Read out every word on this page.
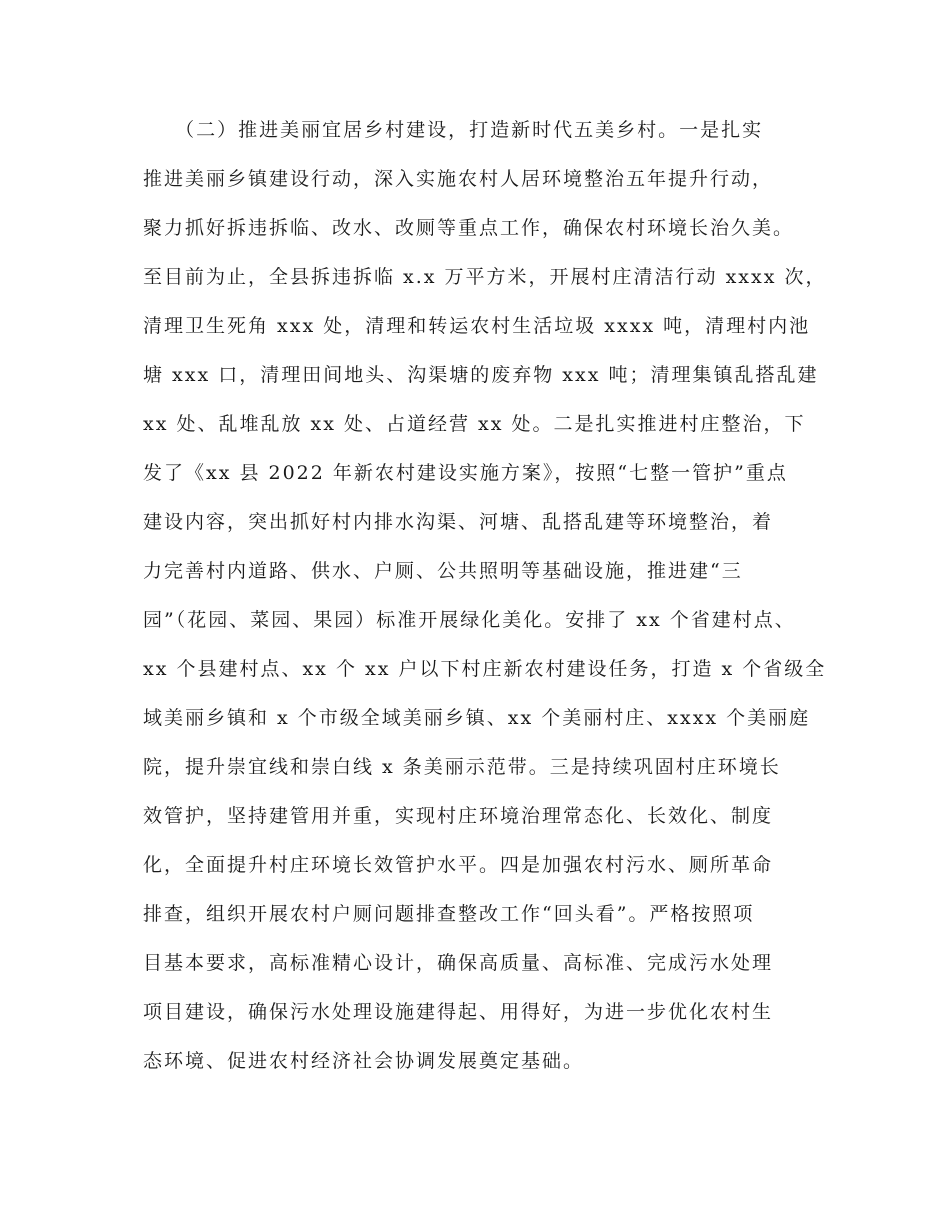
（二）推进美丽宜居乡村建设，打造新时代五美乡村。一是扎实
推进美丽乡镇建设行动，深入实施农村人居环境整治五年提升行动，
聚力抓好拆违拆临、改水、改厕等重点工作，确保农村环境长治久美。
至目前为止，全县拆违拆临 x.x 万平方米，开展村庄清洁行动 xxxx 次，
清理卫生死角 xxx 处，清理和转运农村生活垃圾 xxxx 吨，清理村内池
塘 xxx 口，清理田间地头、沟渠塘的废弃物 xxx 吨；清理集镇乱搭乱建
xx 处、乱堆乱放 xx 处、占道经营 xx 处。二是扎实推进村庄整治，下
发了《xx 县 2022 年新农村建设实施方案》，按照“七整一管护”重点
建设内容，突出抓好村内排水沟渠、河塘、乱搭乱建等环境整治，着
力完善村内道路、供水、户厕、公共照明等基础设施，推进建“三
园”（花园、菜园、果园）标准开展绿化美化。安排了 xx 个省建村点、
xx 个县建村点、xx 个 xx 户以下村庄新农村建设任务，打造 x 个省级全
域美丽乡镇和 x 个市级全域美丽乡镇、xx 个美丽村庄、xxxx 个美丽庭
院，提升崇宜线和崇白线 x 条美丽示范带。三是持续巩固村庄环境长
效管护，坚持建管用并重，实现村庄环境治理常态化、长效化、制度
化，全面提升村庄环境长效管护水平。四是加强农村污水、厕所革命
排查，组织开展农村户厕问题排查整改工作“回头看”。严格按照项
目基本要求，高标准精心设计，确保高质量、高标准、完成污水处理
项目建设，确保污水处理设施建得起、用得好，为进一步优化农村生
态环境、促进农村经济社会协调发展奠定基础。
